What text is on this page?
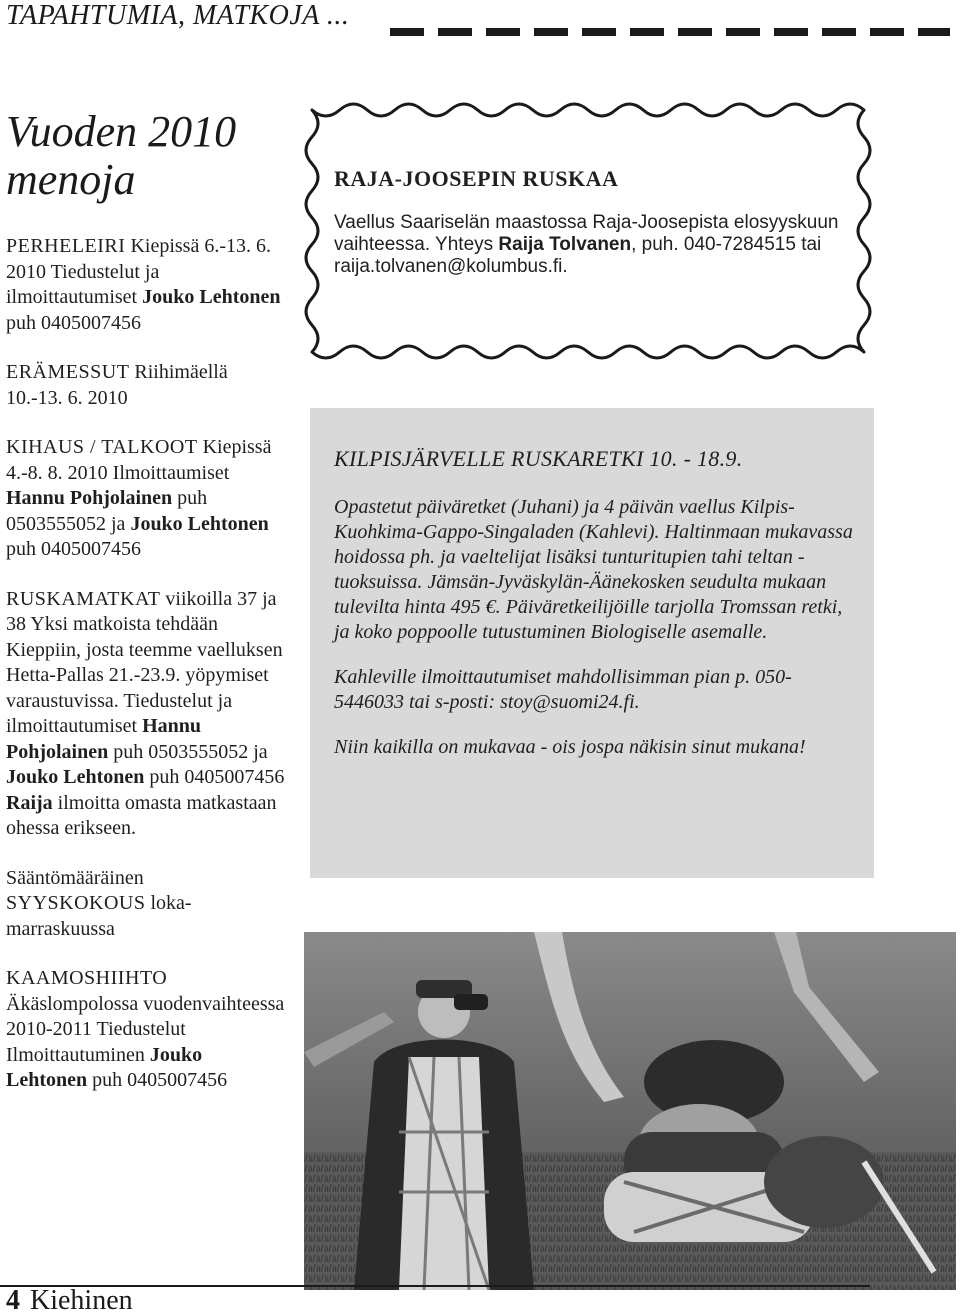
TAPAHTUMIA, MATKOJA ...
Vuoden 2010 menoja

PERHELEIRI Kiepissä 6.-13. 6. 2010 Tiedustelut ja ilmoittautumiset Jouko Lehtonen puh 0405007456

ERÄMESSUT Riihimäellä 10.-13. 6. 2010

KIHAUS / TALKOOT Kiepissä 4.-8. 8. 2010 Ilmoittaumiset Hannu Pohjolainen puh 0503555052 ja Jouko Lehtonen puh 0405007456

RUSKAMATKAT viikoilla 37 ja 38 Yksi matkoista tehdään Kieppiin, josta teemme vaelluksen Hetta-Pallas 21.-23.9. yöpymiset varaustuvissa. Tiedustelut ja ilmoittautumiset Hannu Pohjolainen puh 0503555052 ja Jouko Lehtonen puh 0405007456 Raija ilmoitta omasta matkastaan ohessa erikseen.

Sääntömääräinen SYYSKOKOUS loka-marraskuussa

KAAMOSHIIHTO Äkäslompolossa vuodenvaihteessa 2010-2011 Tiedustelut Ilmoittautuminen Jouko Lehtonen puh 0405007456

RAJA-JOOSEPIN RUSKAA

Vaellus Saariselän maastossa Raja-Joosepista elosyyskuun vaihteessa. Yhteys Raija Tolvanen, puh. 040-7284515 tai raija.tolvanen@kolumbus.fi.

KILPISJÄRVELLE RUSKARETKI 10. - 18.9.

Opastetut päiväretket (Juhani) ja 4 päivän vaellus Kilpis-Kuohkima-Gappo-Singaladen (Kahlevi). Haltinmaan mukavassa hoidossa ph. ja vaeltelijat lisäksi tunturitupien tahi teltan - tuoksuissa. Jämsän-Jyväskylän-Äänekosken seudulta mukaan tulevilta hinta 495 €. Päiväretkeilijöille tarjolla Tromssan retki, ja koko poppoolle tutustuminen Biologiselle asemalle.

Kahleville ilmoittautumiset mahdollisimman pian p. 050-5446033 tai s-posti: stoy@suomi24.fi.

Niin kaikilla on mukavaa - ois jospa näkisin sinut mukana!

4 Kiehinen
